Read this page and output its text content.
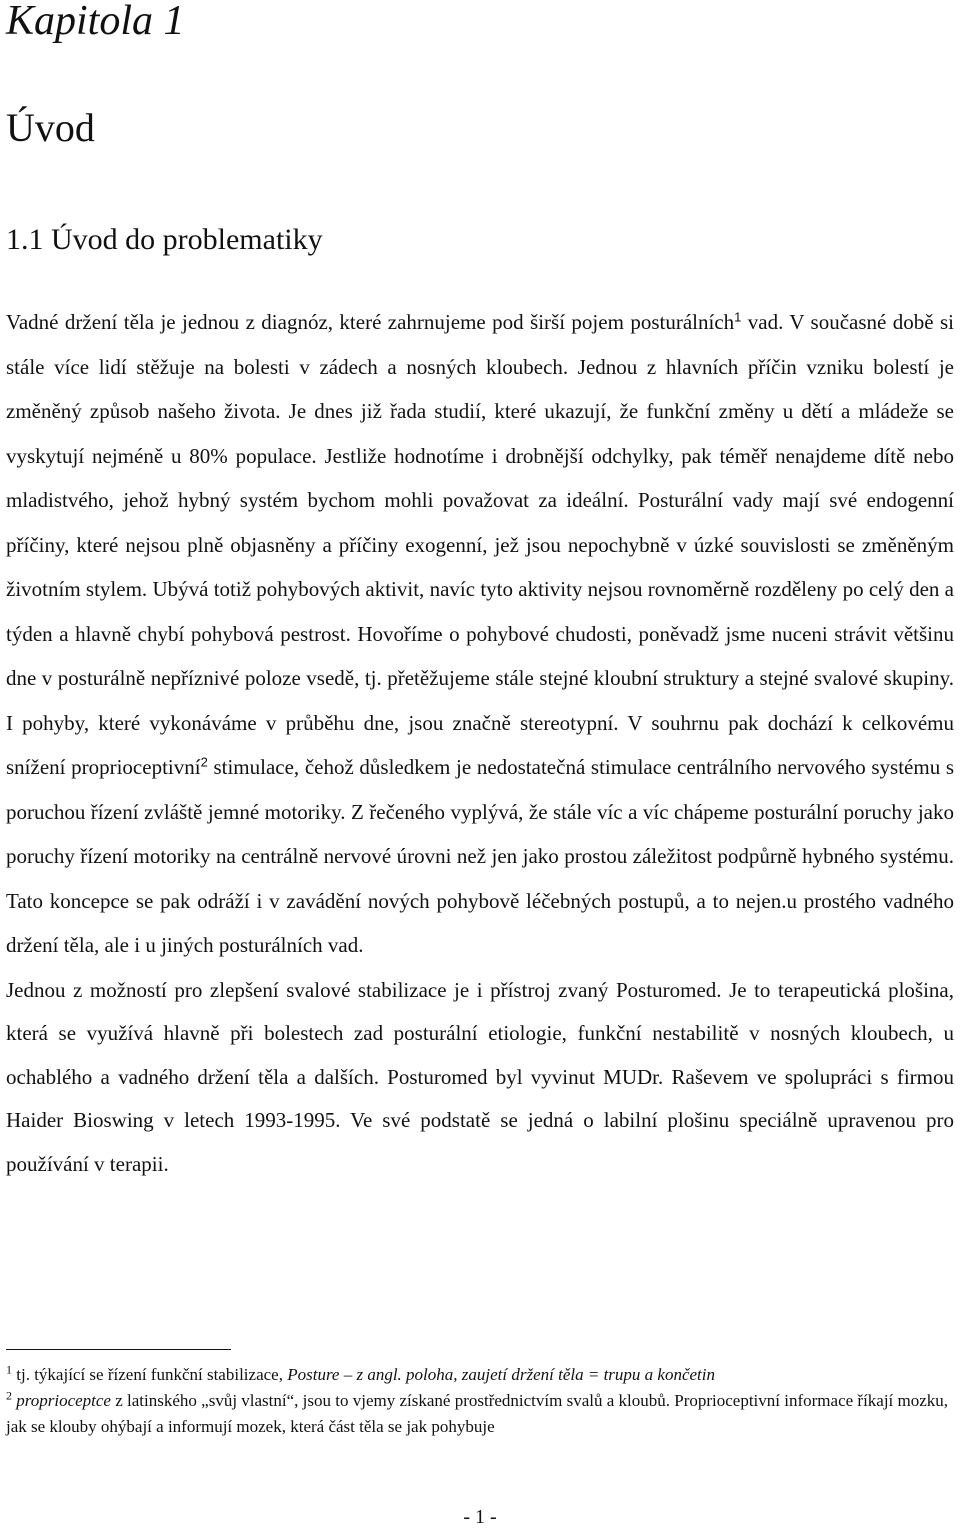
Kapitola 1
Úvod
1.1 Úvod do problematiky

Vadné držení těla je jednou z diagnóz, které zahrnujeme pod širší pojem posturálních$^1$ vad. V současné době si stále více lidí stěžuje na bolesti v zádech a nosných kloubech. Jednou z hlavních příčin vzniku bolestí je změněný způsob našeho života. Je dnes již řada studií, které ukazují, že funkční změny u dětí a mládeže se vyskytují nejméně u 80% populace. Jestliže hodnotíme i drobnější odchylky, pak téměř nenajdeme dítě nebo mladistvého, jehož hybný systém bychom mohli považovat za ideální. Posturální vady mají své endogenní příčiny, které nejsou plně objasněny a příčiny exogenní, jež jsou nepochybně v úzké souvislosti se změněným životním stylem. Ubývá totiž pohybových aktivit, navíc tyto aktivity nejsou rovnoměrně rozděleny po celý den a týden a hlavně chybí pohybová pestrost. Hovoříme o pohybové chudosti, poněvadž jsme nuceni strávit většinu dne v posturálně nepříznivé poloze vsedě, tj. přetěžujeme stále stejné kloubní struktury a stejné svalové skupiny. I pohyby, které vykonáváme v průběhu dne, jsou značně stereotypní. V souhrnu pak dochází k celkovému snížení proprioceptivní$^2$ stimulace, čehož důsledkem je nedostatečná stimulace centrálního nervového systému s poruchou řízení zvláště jemné motoriky. Z řečeného vyplývá, že stále víc a víc chápeme posturální poruchy jako poruchy řízení motoriky na centrálně nervové úrovni než jen jako prostou záležitost podpůrně hybného systému. Tato koncepce se pak odráží i v zavádění nových pohybově léčebných postupů, a to nejen.u prostého vadného držení těla, ale i u jiných posturálních vad.

Jednou z možností pro zlepšení svalové stabilizace je i přístroj zvaný Posturomed. Je to terapeutická plošina, která se využívá hlavně při bolestech zad posturální etiologie, funkční nestabilitě v nosných kloubech, u ochablého a vadného držení těla a dalších. Posturomed byl vyvinut MUDr. Raševem ve spolupráci s firmou Haider Bioswing v letech 1993-1995. Ve své podstatě se jedná o labilní plošinu speciálně upravenou pro používání v terapii.

$^1$ tj. týkající se řízení funkční stabilizace, Posture – z angl. poloha, zaujetí držení těla = trupu a končetin

$^2$ proprioceptce z latinského „svůj vlastní“, jsou to vjemy získané prostřednictvím svalů a kloubů. Proprioceptivní informace říkají mozku, jak se klouby ohýbají a informují mozek, která část těla se jak pohybuje

- 1 -
